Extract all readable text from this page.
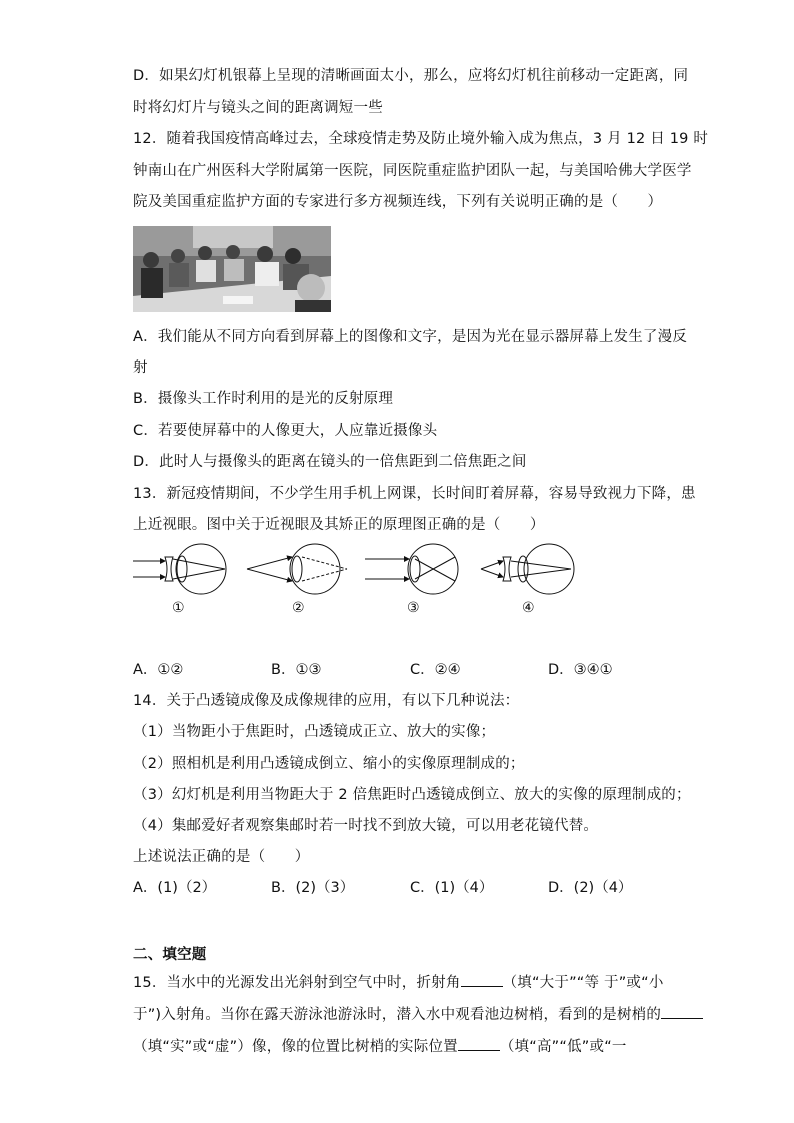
D．如果幻灯机银幕上呈现的清晰画面太小，那么，应将幻灯机往前移动一定距离，同
时将幻灯片与镜头之间的距离调短一些
12．随着我国疫情高峰过去，全球疫情走势及防止境外输入成为焦点，3 月 12 日 19 时
钟南山在广州医科大学附属第一医院，同医院重症监护团队一起，与美国哈佛大学医学
院及美国重症监护方面的专家进行多方视频连线，下列有关说明正确的是（　　）
A．我们能从不同方向看到屏幕上的图像和文字，是因为光在显示器屏幕上发生了漫反
射
B．摄像头工作时利用的是光的反射原理
C．若要使屏幕中的人像更大，人应靠近摄像头
D．此时人与摄像头的距离在镜头的一倍焦距到二倍焦距之间
13．新冠疫情期间，不少学生用手机上网课，长时间盯着屏幕，容易导致视力下降，患
上近视眼。图中关于近视眼及其矫正的原理图正确的是（　　）
①	②	③	④
A．①②	B．①③	C．②④	D．③④①
14．关于凸透镜成像及成像规律的应用，有以下几种说法：
（1）当物距小于焦距时，凸透镜成正立、放大的实像；
（2）照相机是利用凸透镜成倒立、缩小的实像原理制成的；
（3）幻灯机是利用当物距大于 2 倍焦距时凸透镜成倒立、放大的实像的原理制成的；
（4）集邮爱好者观察集邮时若一时找不到放大镜，可以用老花镜代替。
上述说法正确的是（　　）
A．(1)（2）	B．(2)（3）	C．(1)（4）	D．(2)（4）
二、填空题
15．当水中的光源发出光斜射到空气中时，折射角	（填“大于”“等 于”或“小
于”)入射角。当你在露天游泳池游泳时，潜入水中观看池边树梢，看到的是树梢的
（填“实”或“虚”）像，像的位置比树梢的实际位置	（填“高”“低”或“一
